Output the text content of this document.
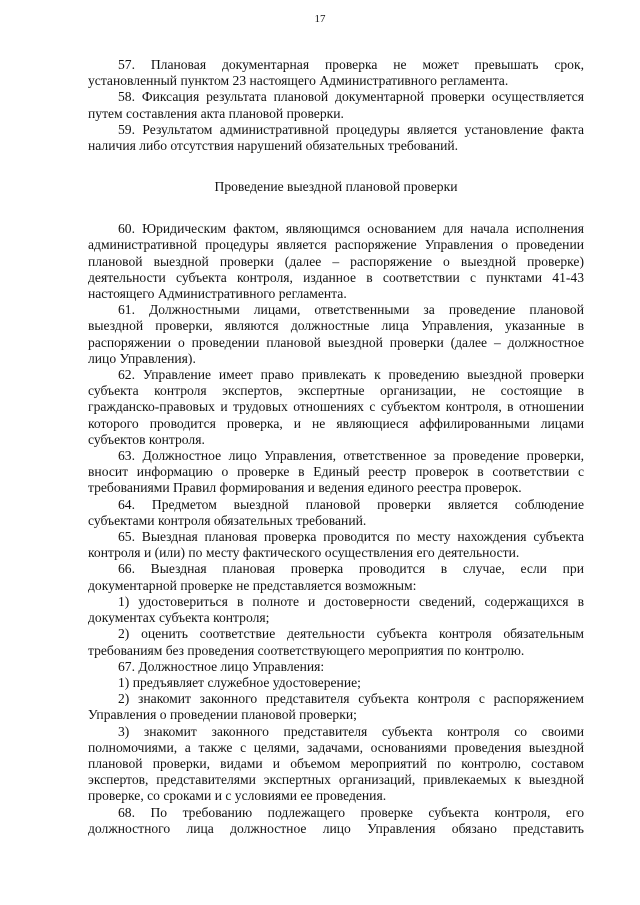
17
57. Плановая документарная проверка не может превышать срок,
установленный пунктом 23 настоящего Административного регламента.
58. Фиксация результата плановой документарной проверки осуществляется
путем составления акта плановой проверки.
59. Результатом административной процедуры является установление факта
наличия либо отсутствия нарушений обязательных требований.
Проведение выездной плановой проверки
60. Юридическим фактом, являющимся основанием для начала исполнения
административной процедуры является распоряжение Управления о проведении
плановой выездной проверки (далее – распоряжение о выездной проверке)
деятельности субъекта контроля, изданное в соответствии с пунктами 41-43
настоящего Административного регламента.
61. Должностными лицами, ответственными за проведение плановой
выездной проверки, являются должностные лица Управления, указанные в
распоряжении о проведении плановой выездной проверки (далее – должностное
лицо Управления).
62. Управление имеет право привлекать к проведению выездной проверки
субъекта контроля экспертов, экспертные организации, не состоящие в
гражданско-правовых и трудовых отношениях с субъектом контроля, в отношении
которого проводится проверка, и не являющиеся аффилированными лицами
субъектов контроля.
63. Должностное лицо Управления, ответственное за проведение проверки,
вносит информацию о проверке в Единый реестр проверок в соответствии с
требованиями Правил формирования и ведения единого реестра проверок.
64. Предметом выездной плановой проверки является соблюдение
субъектами контроля обязательных требований.
65. Выездная плановая проверка проводится по месту нахождения субъекта
контроля и (или) по месту фактического осуществления его деятельности.
66. Выездная плановая проверка проводится в случае, если при
документарной проверке не представляется возможным:
1) удостовериться в полноте и достоверности сведений, содержащихся в
документах субъекта контроля;
2) оценить соответствие деятельности субъекта контроля обязательным
требованиям без проведения соответствующего мероприятия по контролю.
67. Должностное лицо Управления:
1) предъявляет служебное удостоверение;
2) знакомит законного представителя субъекта контроля с распоряжением
Управления о проведении плановой проверки;
3) знакомит законного представителя субъекта контроля со своими
полномочиями, а также с целями, задачами, основаниями проведения выездной
плановой проверки, видами и объемом мероприятий по контролю, составом
экспертов, представителями экспертных организаций, привлекаемых к выездной
проверке, со сроками и с условиями ее проведения.
68. По требованию подлежащего проверке субъекта контроля, его
должностного лица должностное лицо Управления обязано представить
